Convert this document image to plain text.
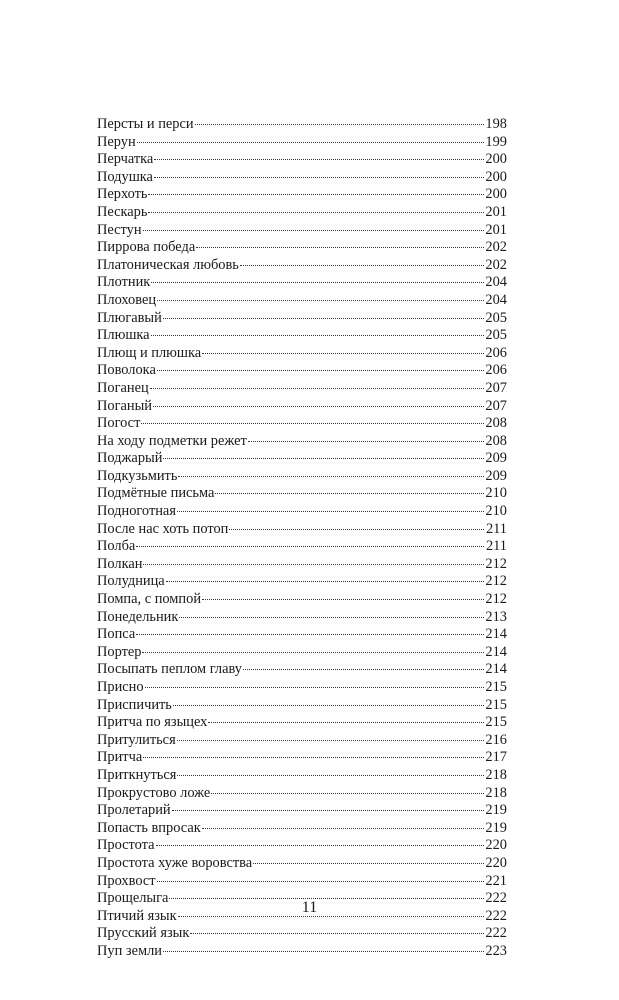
Персты и перси	198
Перун	199
Перчатка	200
Подушка	200
Перхоть	200
Пескарь	201
Пестун	201
Пиррова победа	202
Платоническая любовь	202
Плотник	204
Плоховец	204
Плюгавый	205
Плюшка	205
Плющ и плюшка	206
Поволока	206
Поганец	207
Поганый	207
Погост	208
На ходу подметки режет	208
Поджарый	209
Подкузьмить	209
Подмётные письма	210
Подноготная	210
После нас хоть потоп	211
Полба	211
Полкан	212
Полудница	212
Помпа, с помпой	212
Понедельник	213
Попса	214
Портер	214
Посыпать пеплом главу	214
Присно	215
Приспичить	215
Притча по языцех	215
Притулиться	216
Притча	217
Приткнуться	218
Прокрустово ложе	218
Пролетарий	219
Попасть впросак	219
Простота	220
Простота хуже воровства	220
Прохвост	221
Прощелыга	222
Птичий язык	222
Прусский язык	222
Пуп земли	223
11
